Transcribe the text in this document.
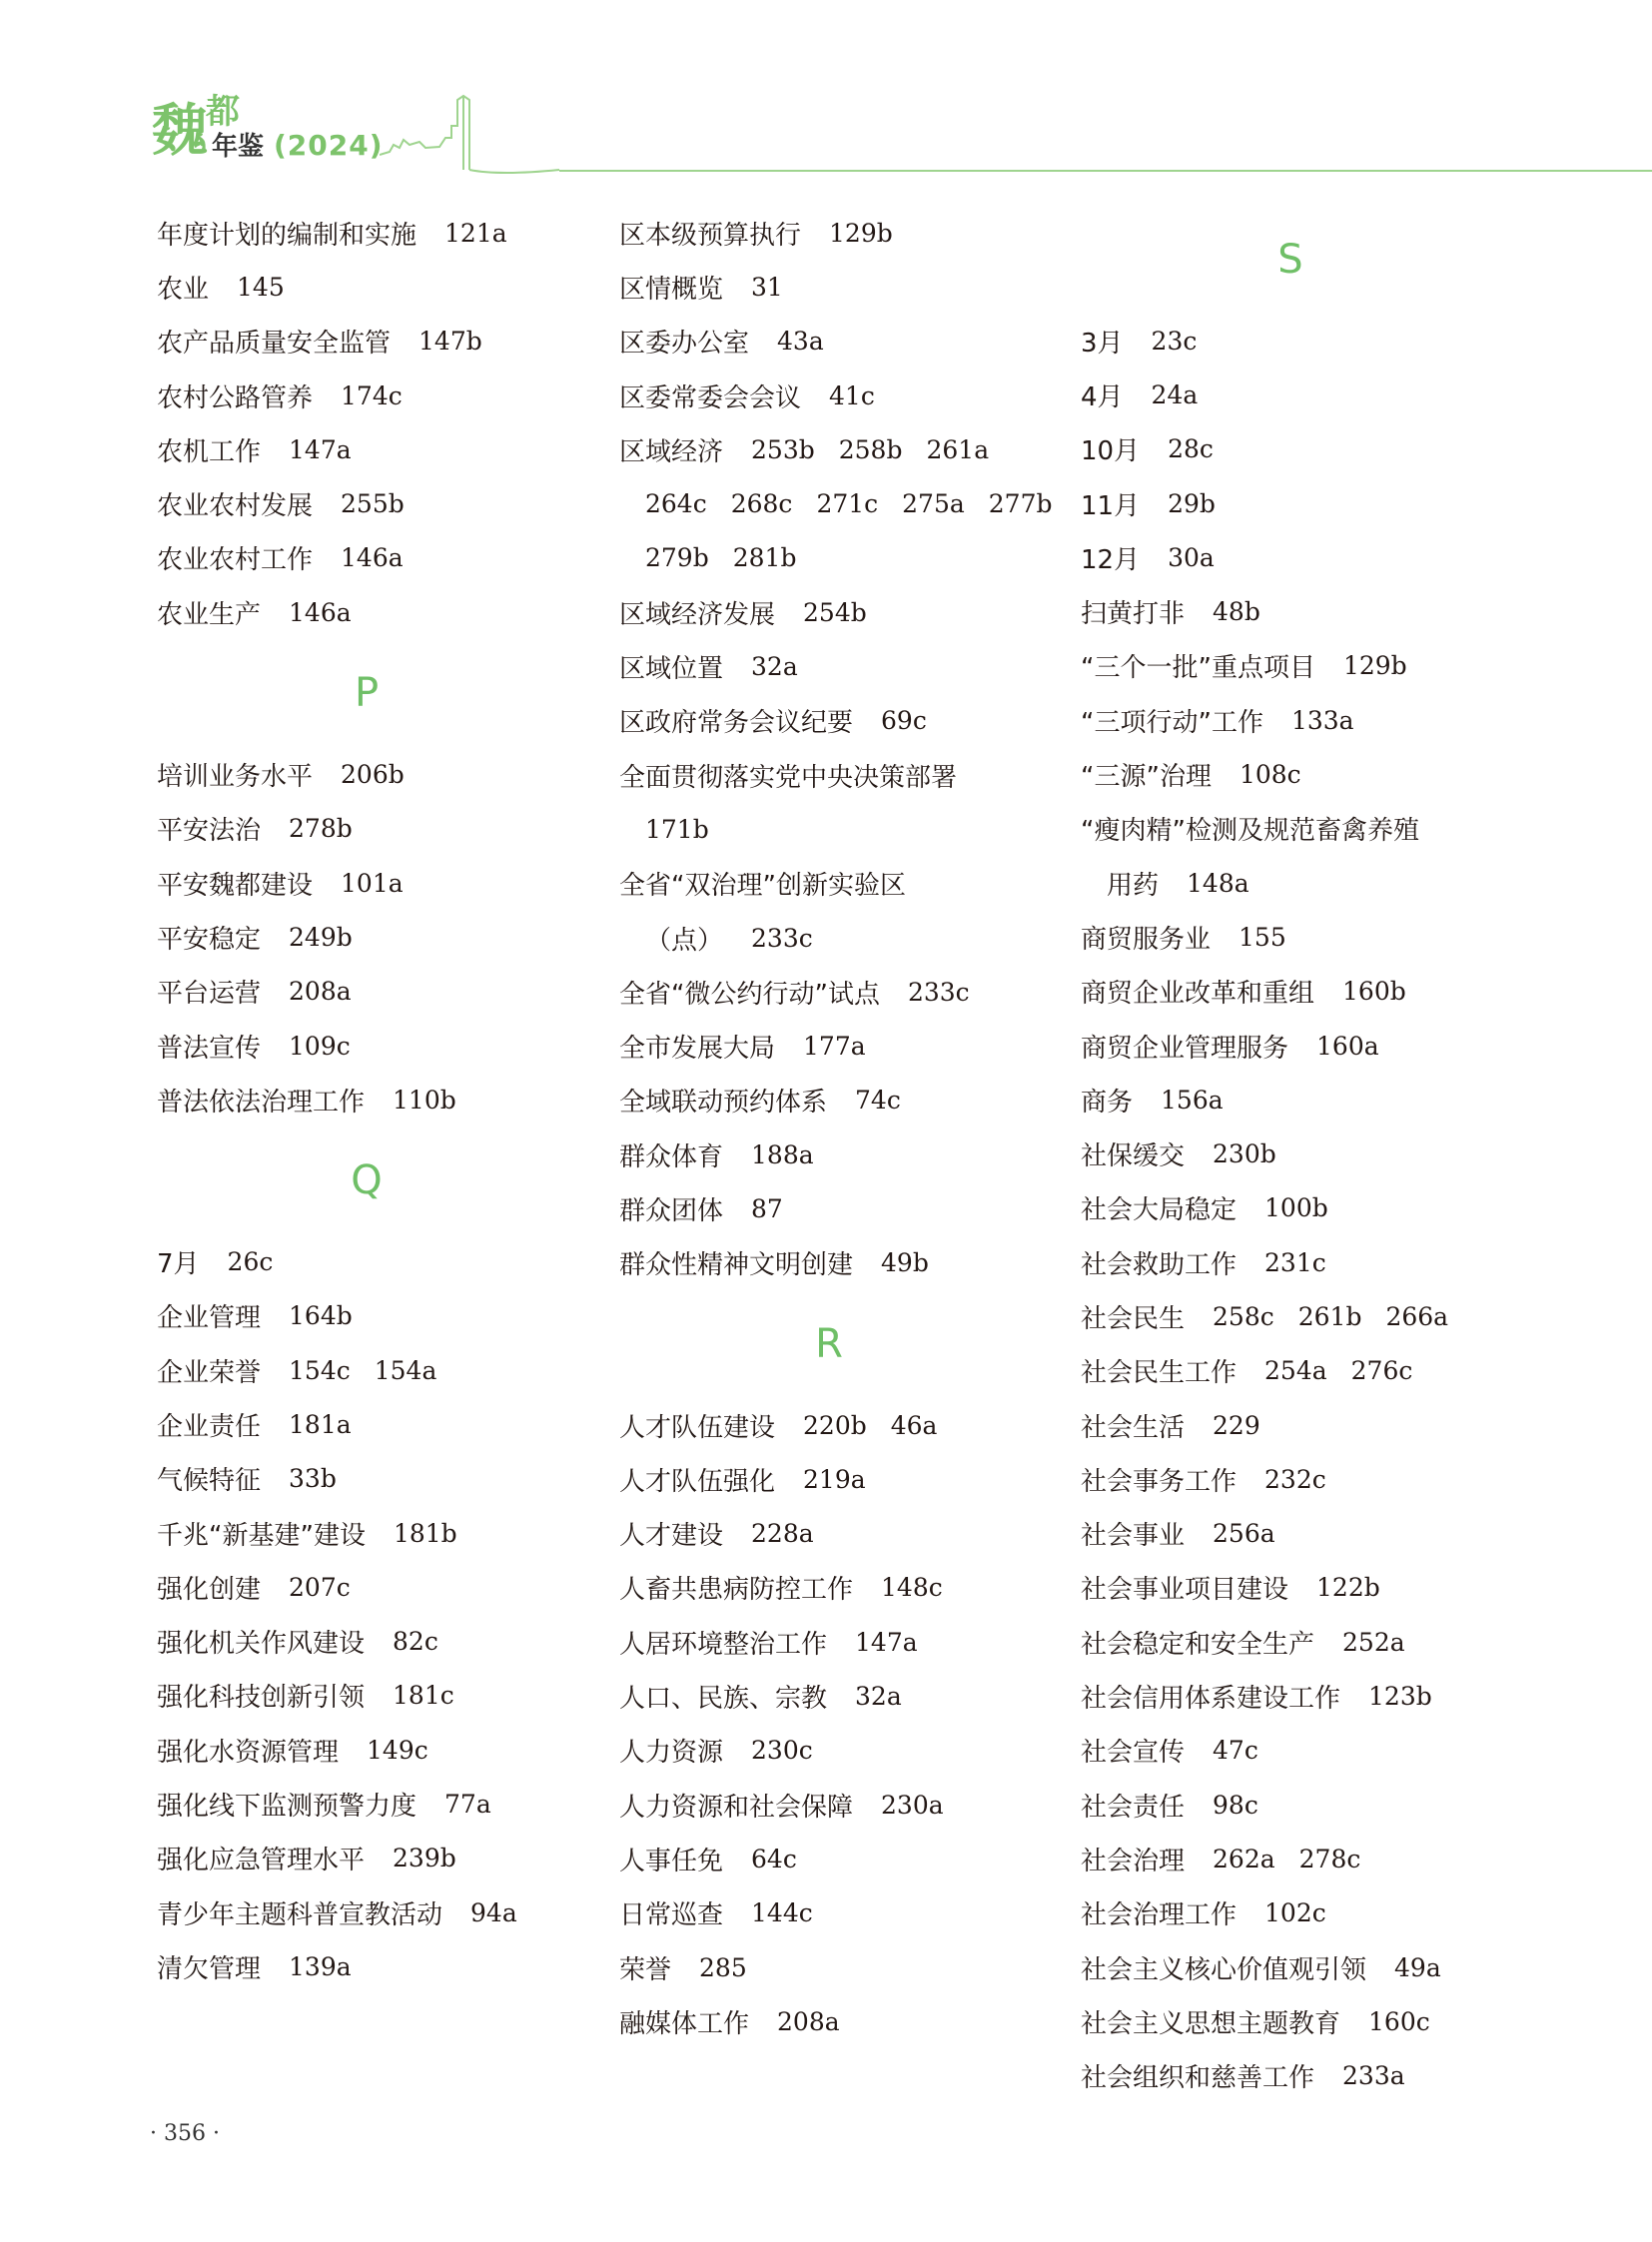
魏
都
年鉴 (2024)
年度计划的编制和实施 121a
农业 145
农产品质量安全监管 147b
农村公路管养 174c
农机工作 147a
农业农村发展 255b
农业农村工作 146a
农业生产 146a
P
培训业务水平 206b
平安法治 278b
平安魏都建设 101a
平安稳定 249b
平台运营 208a
普法宣传 109c
普法依法治理工作 110b
Q
7月 26c
企业管理 164b
企业荣誉 154c 154a
企业责任 181a
气候特征 33b
千兆“新基建”建设 181b
强化创建 207c
强化机关作风建设 82c
强化科技创新引领 181c
强化水资源管理 149c
强化线下监测预警力度 77a
强化应急管理水平 239b
青少年主题科普宣教活动 94a
清欠管理 139a
区本级预算执行 129b
区情概览 31
区委办公室 43a
区委常委会会议 41c
区域经济 253b 258b 261a
264c 268c 271c 275a 277b
279b 281b
区域经济发展 254b
区域位置 32a
区政府常务会议纪要 69c
全面贯彻落实党中央决策部署
171b
全省“双治理”创新实验区
（点） 233c
全省“微公约行动”试点 233c
全市发展大局 177a
全域联动预约体系 74c
群众体育 188a
群众团体 87
群众性精神文明创建 49b
R
人才队伍建设 220b 46a
人才队伍强化 219a
人才建设 228a
人畜共患病防控工作 148c
人居环境整治工作 147a
人口、民族、宗教 32a
人力资源 230c
人力资源和社会保障 230a
人事任免 64c
日常巡查 144c
荣誉 285
融媒体工作 208a
S
3月 23c
4月 24a
10月 28c
11月 29b
12月 30a
扫黄打非 48b
“三个一批”重点项目 129b
“三项行动”工作 133a
“三源”治理 108c
“瘦肉精”检测及规范畜禽养殖
用药 148a
商贸服务业 155
商贸企业改革和重组 160b
商贸企业管理服务 160a
商务 156a
社保缓交 230b
社会大局稳定 100b
社会救助工作 231c
社会民生 258c 261b 266a
社会民生工作 254a 276c
社会生活 229
社会事务工作 232c
社会事业 256a
社会事业项目建设 122b
社会稳定和安全生产 252a
社会信用体系建设工作 123b
社会宣传 47c
社会责任 98c
社会治理 262a 278c
社会治理工作 102c
社会主义核心价值观引领 49a
社会主义思想主题教育 160c
社会组织和慈善工作 233a
· 356 ·
